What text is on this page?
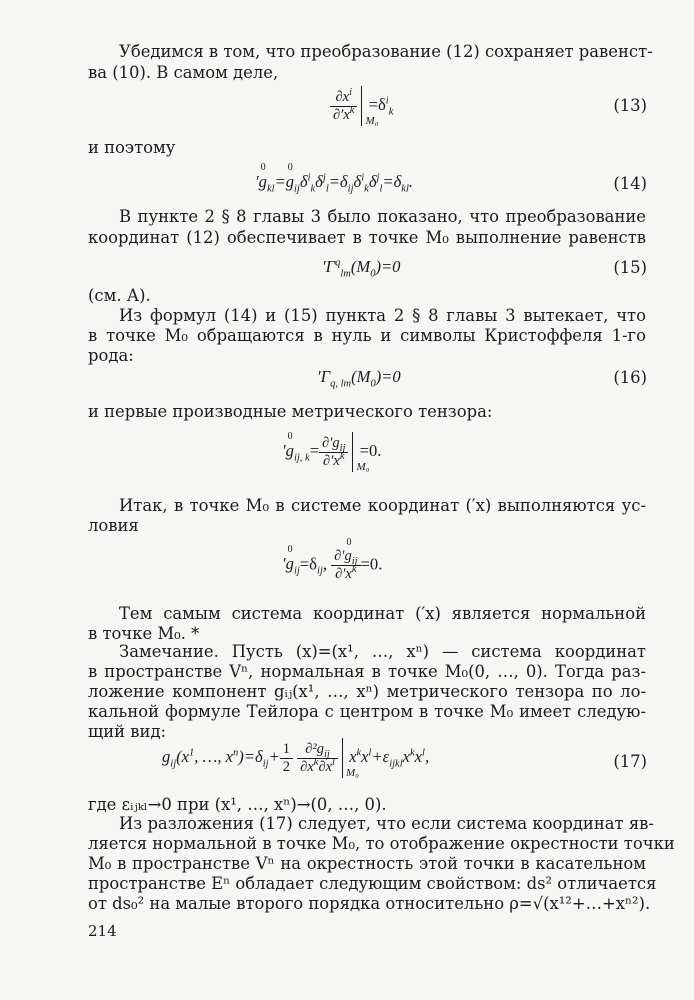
Убедимся в том, что преобразование (12) сохраняет равенст-
ва (10). В самом деле,
$\frac{\partial x^i}{\partial'x^k} M_0$
$=\delta^i_k$	(13)
и поэтому
′g
0
$_{kl}$=g
0
$_{ij}\delta^i_k\delta^j_l=\delta_{ij}\delta^i_k\delta^j_l=\delta_{kl}$.	(14)
В пункте 2 § 8 главы 3 было показано, что преобразование
координат (12) обеспечивает в точке M₀ выполнение равенств
$'\Gamma^q_{lm}(M_0)=0$	(15)
(см. А).
Из формул (14) и (15) пункта 2 § 8 главы 3 вытекает, что
в точке M₀ обращаются в нуль и символы Кристоффеля 1-го
рода:
$'\Gamma_{q, lm}(M_0)=0$	(16)
и первые производные метрического тензора:
′g
0
$_{ij, k}= \frac{\partial'g_{ij}}{\partial'x^k} M_0$
=0.
Итак, в точке M₀ в системе координат (′x) выполняются ус-
ловия
′g
0
$_{ij}=\delta_{ij}$, ∂′g
0
$_{ij}$
$\partial'x^k =0$.
Тем самым система координат (′x) является нормальной
в точке M₀. *
Замечание. Пусть (x)=(x¹, …, xⁿ) — система координат
в пространстве Vⁿ, нормальная в точке M₀(0, …, 0). Тогда раз-
ложение компонент gᵢⱼ(x¹, …, xⁿ) метрического тензора по ло-
кальной формуле Тейлора с центром в точке M₀ имеет следую-
щий вид:
$g_{ij}(x^1$, …, $x^n)=\delta_{ij}+ \frac{1}{2}$
$\frac{\partial^2g_{ij}}{\partial x^k\partial x^l} M_0$
$x^kx^l+\varepsilon_{ijkl}x^kx^l$,	(17)
где εᵢⱼₖₗ→0 при (x¹, …, xⁿ)→(0, …, 0).
Из разложения (17) следует, что если система координат яв-
ляется нормальной в точке M₀, то отображение окрестности точки
M₀ в пространстве Vⁿ на окрестность этой точки в касательном
пространстве Eⁿ обладает следующим свойством: ds² отличается
от ds₀² на малые второго порядка относительно ρ=√(x¹²+…+xⁿ²).
214
